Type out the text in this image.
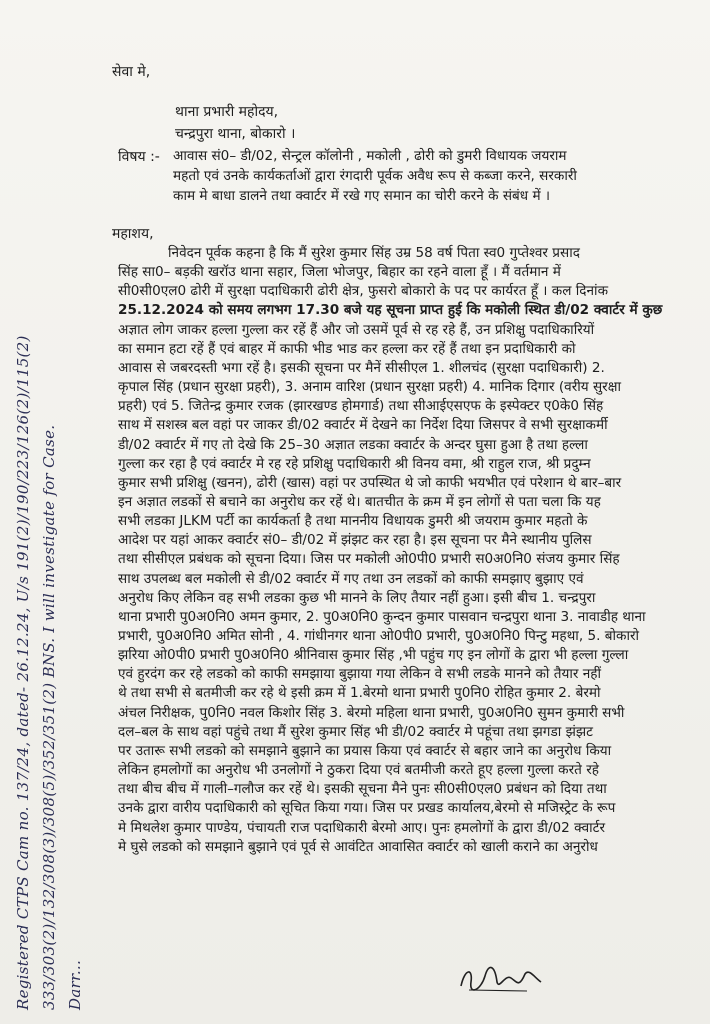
Registered CTPS Cam no. 137/24, dated- 26.12.24, U/s 191(2)/190/223/126(2)/115(2) 333/303(2)/132/308(3)/308(5)/352/351(2) BNS. I will investigate for Case. Darr...
सेवा मे,
थाना प्रभारी महोदय,
चन्द्रपुरा थाना, बोकारो ।
विषय :- आवास सं0– डी/02, सेन्ट्रल कॉलोनी , मकोली , ढोरी को डुमरी विधायक जयराम
महतो एवं उनके कार्यकर्ताओं द्वारा रंगदारी पूर्वक अवैध रूप से कब्जा करने, सरकारी
काम मे बाधा डालने तथा क्वार्टर में रखे गए समान का चोरी करने के संबंध में ।
महाशय,
निवेदन पूर्वक कहना है कि मैं सुरेश कुमार सिंह उम्र 58 वर्ष पिता स्व0 गुप्तेश्वर प्रसाद
सिंह सा0– बड़की खरॉउ थाना सहार, जिला भोजपुर, बिहार का रहने वाला हूँ । मैं वर्तमान में
सी0सी0एल0 ढोरी में सुरक्षा पदाधिकारी ढोरी क्षेत्र, फुसरो बोकारो के पद पर कार्यरत हूँ । कल दिनांक
25.12.2024 को समय लगभग 17.30 बजे यह सूचना प्राप्त हुई कि मकोली स्थित डी/02 क्वार्टर में कुछ
अज्ञात लोग जाकर हल्ला गुल्ला कर रहें हैं और जो उसमें पूर्व से रह रहे हैं, उन प्रशिक्षु पदाधिकारियों
का समान हटा रहें हैं एवं बाहर में काफी भीड भाड कर हल्ला कर रहें हैं तथा इन प्रदाधिकारी को
आवास से जबरदस्ती भगा रहें है। इसकी सूचना पर मैनें सीसीएल 1. शीलचंद (सुरक्षा पदाधिकारी) 2.
कृपाल सिंह (प्रधान सुरक्षा प्रहरी), 3. अनाम वारिश (प्रधान सुरक्षा प्रहरी) 4. मानिक दिगार (वरीय सुरक्षा
प्रहरी) एवं 5. जितेन्द्र कुमार रजक (झारखण्ड होमगार्ड) तथा सीआईएसएफ के इस्पेक्टर ए0के0 सिंह
साथ में सशस्त्र बल वहां पर जाकर डी/02 क्वार्टर में देखने का निर्देश दिया जिसपर वे सभी सुरक्षाकर्मी
डी/02 क्वार्टर में गए तो देखे कि 25–30 अज्ञात लडका क्वार्टर के अन्दर घुसा हुआ है तथा हल्ला
गुल्ला कर रहा है एवं क्वार्टर मे रह रहे प्रशिक्षु पदाधिकारी श्री विनय वमा, श्री राहुल राज, श्री प्रदुम्न
कुमार सभी प्रशिक्षु (खनन), ढोरी (खास) वहां पर उपस्थित थे जो काफी भयभीत एवं परेशान थे बार–बार
इन अज्ञात लडकों से बचाने का अनुरोध कर रहें थे। बातचीत के क्रम में इन लोगों से पता चला कि यह
सभी लडका JLKM पर्टी का कार्यकर्ता है तथा माननीय विधायक डुमरी श्री जयराम कुमार महतो के
आदेश पर यहां आकर क्वार्टर सं0– डी/02 में झंझट कर रहा है। इस सूचना पर मैने स्थानीय पुलिस
तथा सीसीएल प्रबंधक को सूचना दिया। जिस पर मकोली ओ0पी0 प्रभारी स0अ0नि0 संजय कुमार सिंह
साथ उपलब्ध बल मकोली से डी/02 क्वार्टर में गए तथा उन लडकों को काफी समझाए बुझाए एवं
अनुरोध किए लेकिन वह सभी लडका कुछ भी मानने के लिए तैयार नहीं हुआ। इसी बीच 1. चन्द्रपुरा
थाना प्रभारी पु0अ0नि0 अमन कुमार, 2. पु0अ0नि0 कुन्दन कुमार पासवान चन्द्रपुरा थाना 3. नावाडीह थाना
प्रभारी, पु0अ0नि0 अमित सोनी , 4. गांधीनगर थाना ओ0पी0 प्रभारी, पु0अ0नि0 पिन्टु महथा, 5. बोकारो
झरिया ओ0पी0 प्रभारी पु0अ0नि0 श्रीनिवास कुमार सिंह ,भी पहुंच गए इन लोगों के द्वारा भी हल्ला गुल्ला
एवं हुरदंग कर रहे लडको को काफी समझाया बुझाया गया लेकिन वे सभी लडके मानने को तैयार नहीं
थे तथा सभी से बतमीजी कर रहे थे इसी क्रम में 1.बेरमो थाना प्रभारी पु0नि0 रोहित कुमार 2. बेरमो
अंचल निरीक्षक, पु0नि0 नवल किशोर सिंह 3. बेरमो महिला थाना प्रभारी, पु0अ0नि0 सुमन कुमारी सभी
दल–बल के साथ वहां पहुंचे तथा मैं सुरेश कुमार सिंह भी डी/02 क्वार्टर मे पहूंचा तथा झगडा झंझट
पर उतारू सभी लडको को समझाने बुझाने का प्रयास किया एवं क्वार्टर से बहार जाने का अनुरोध किया
लेकिन हमलोगों का अनुरोध भी उनलोगों ने ठुकरा दिया एवं बतमीजी करते हूए हल्ला गुल्ला करते रहे
तथा बीच बीच में गाली–गलौज कर रहें थे। इसकी सूचना मैने पुनः सी0सी0एल0 प्रबंधन को दिया तथा
उनके द्वारा वारीय पदाधिकारी को सूचित किया गया। जिस पर प्रखड कार्यालय,बेरमो से मजिस्ट्रेट के रूप
मे मिथलेश कुमार पाण्डेय, पंचायती राज पदाधिकारी बेरमो आए। पुनः हमलोगों के द्वारा डी/02 क्वार्टर
मे घुसे लडको को समझाने बुझाने एवं पूर्व से आवंटित आवासित क्वार्टर को खाली कराने का अनुरोध
